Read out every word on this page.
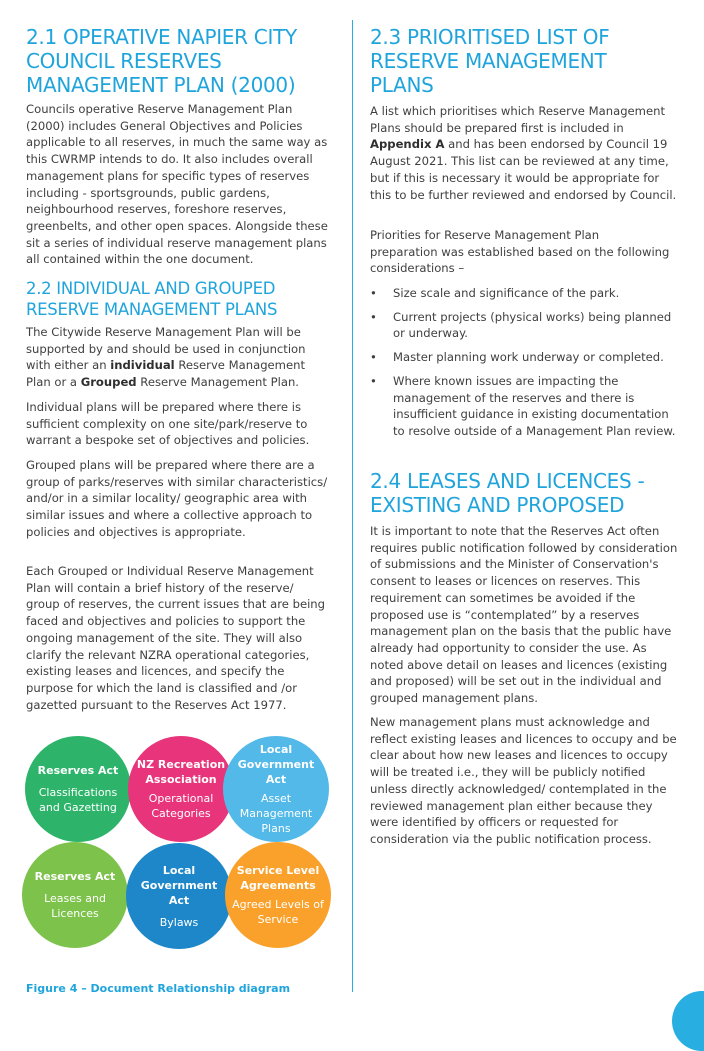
2.1 OPERATIVE NAPIER CITY COUNCIL RESERVES MANAGEMENT PLAN (2000)

Councils operative Reserve Management Plan (2000) includes General Objectives and Policies applicable to all reserves, in much the same way as this CWRMP intends to do. It also includes overall management plans for specific types of reserves including - sportsgrounds, public gardens, neighbourhood reserves, foreshore reserves, greenbelts, and other open spaces. Alongside these sit a series of individual reserve management plans all contained within the one document.

2.2 INDIVIDUAL AND GROUPED RESERVE MANAGEMENT PLANS

The Citywide Reserve Management Plan will be supported by and should be used in conjunction with either an individual Reserve Management Plan or a Grouped Reserve Management Plan.

Individual plans will be prepared where there is sufficient complexity on one site/park/reserve to warrant a bespoke set of objectives and policies.

Grouped plans will be prepared where there are a group of parks/reserves with similar characteristics/ and/or in a similar locality/ geographic area with similar issues and where a collective approach to policies and objectives is appropriate.

Each Grouped or Individual Reserve Management Plan will contain a brief history of the reserve/ group of reserves, the current issues that are being faced and objectives and policies to support the ongoing management of the site. They will also clarify the relevant NZRA operational categories, existing leases and licences, and specify the purpose for which the land is classified and /or gazetted pursuant to the Reserves Act 1977.

Reserves Act
Classifications and Gazetting
NZ Recreation Association
Operational Categories
Local Government Act
Asset Management Plans
Reserves Act
Leases and Licences
Local Government Act
Bylaws
Service Level Agreements
Agreed Levels of Service
Figure 4 – Document Relationship diagram
2.3 PRIORITISED LIST OF RESERVE MANAGEMENT PLANS

A list which prioritises which Reserve Management Plans should be prepared first is included in Appendix A and has been endorsed by Council 19 August 2021. This list can be reviewed at any time, but if this is necessary it would be appropriate for this to be further reviewed and endorsed by Council.

Priorities for Reserve Management Plan preparation was established based on the following considerations –

• Size scale and significance of the park.
• Current projects (physical works) being planned or underway.
• Master planning work underway or completed.
• Where known issues are impacting the management of the reserves and there is insufficient guidance in existing documentation to resolve outside of a Management Plan review.
2.4 LEASES AND LICENCES - EXISTING AND PROPOSED

It is important to note that the Reserves Act often requires public notification followed by consideration of submissions and the Minister of Conservation's consent to leases or licences on reserves. This requirement can sometimes be avoided if the proposed use is “contemplated” by a reserves management plan on the basis that the public have already had opportunity to consider the use. As noted above detail on leases and licences (existing and proposed) will be set out in the individual and grouped management plans.

New management plans must acknowledge and reflect existing leases and licences to occupy and be clear about how new leases and licences to occupy will be treated i.e., they will be publicly notified unless directly acknowledged/ contemplated in the reviewed management plan either because they were identified by officers or requested for consideration via the public notification process.
